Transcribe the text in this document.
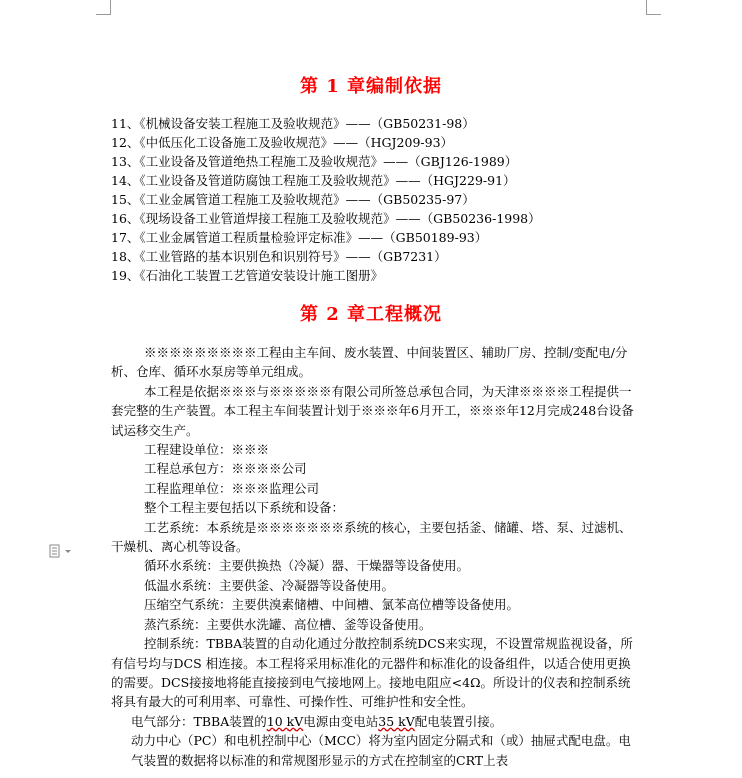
第 1 章编制依据
11、《机械设备安装工程施工及验收规范》——（GB50231-98）
12、《中低压化工设备施工及验收规范》——（HGJ209-93）
13、《工业设备及管道绝热工程施工及验收规范》——（GBJ126-1989）
14、《工业设备及管道防腐蚀工程施工及验收规范》——（HGJ229-91）
15、《工业金属管道工程施工及验收规范》——（GB50235-97）
16、《现场设备工业管道焊接工程施工及验收规范》——（GB50236-1998）
17、《工业金属管道工程质量检验评定标准》——（GB50189-93）
18、《工业管路的基本识别色和识别符号》——（GB7231）
19、《石油化工装置工艺管道安装设计施工图册》
第 2 章工程概况

※※※※※※※※※工程由主车间、废水装置、中间装置区、辅助厂房、控制/变配电/分析、仓库、循环水泵房等单元组成。

本工程是依据※※※与※※※※※有限公司所签总承包合同，为天津※※※※工程提供一套完整的生产装置。本工程主车间装置计划于※※※年6月开工，※※※年12月完成248台设备试运移交生产。

工程建设单位：※※※

工程总承包方：※※※※公司

工程监理单位：※※※监理公司

整个工程主要包括以下系统和设备：

工艺系统：本系统是※※※※※※※系统的核心，主要包括釜、储罐、塔、泵、过滤机、干燥机、离心机等设备。

循环水系统：主要供换热（冷凝）器、干燥器等设备使用。

低温水系统：主要供釜、冷凝器等设备使用。

压缩空气系统：主要供溴素储槽、中间槽、氯苯高位槽等设备使用。

蒸汽系统：主要供水洗罐、高位槽、釜等设备使用。

控制系统：TBBA装置的自动化通过分散控制系统DCS来实现，不设置常规监视设备，所有信号均与DCS 相连接。本工程将采用标准化的元器件和标准化的设备组件，以适合使用更换的需要。DCS接接地将能直接接到电气接地网上。接地电阻应<4Ω。所设计的仪表和控制系统将具有最大的可利用率、可靠性、可操作性、可维护性和安全性。

电气部分：TBBA装置的10 kV电源由变电站35 kV配电装置引接。

动力中心（PC）和电机控制中心（MCC）将为室内固定分隔式和（或）抽屉式配电盘。电气装置的数据将以标准的和常规图形显示的方式在控制室的CRT上表
